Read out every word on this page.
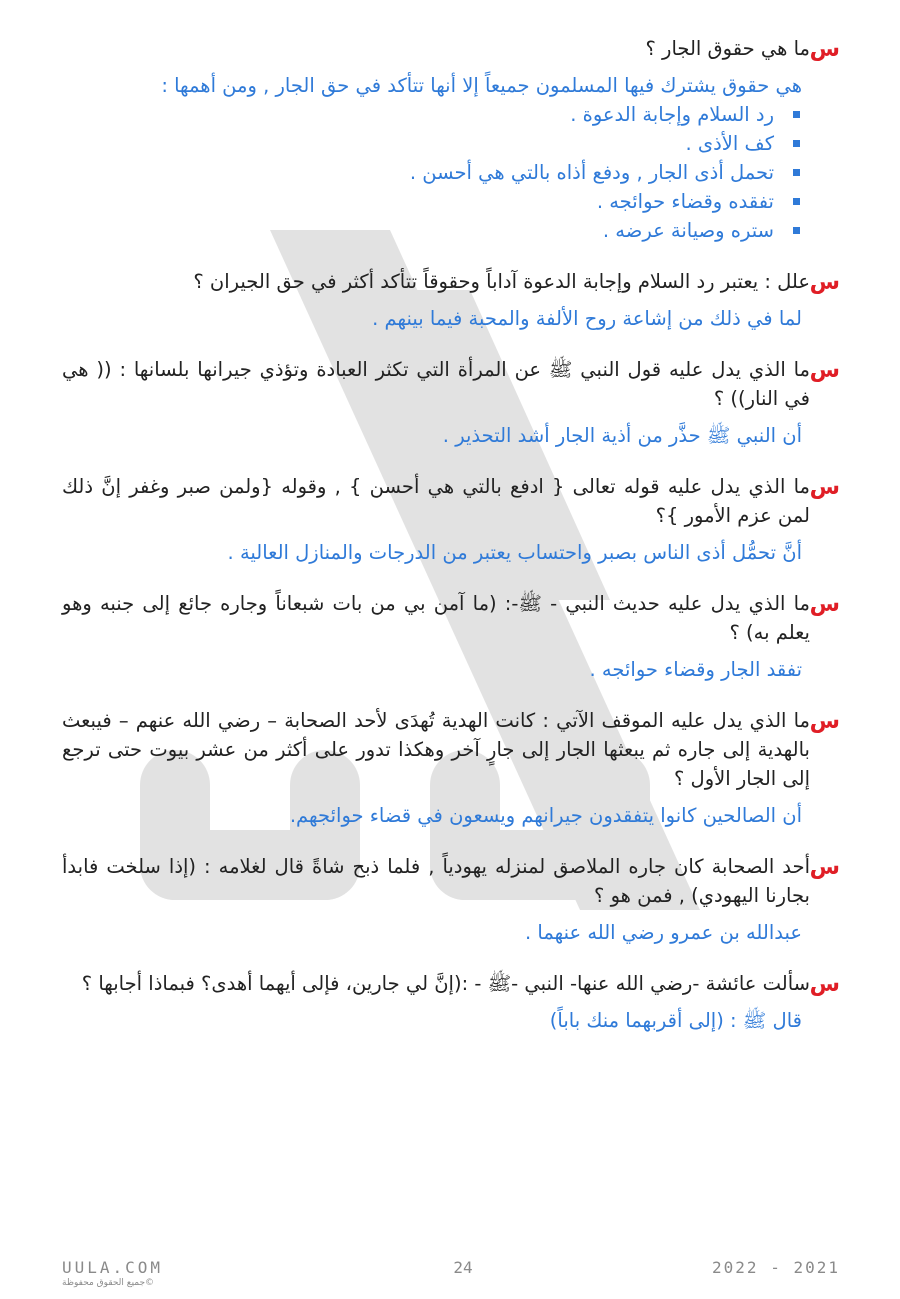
س
ما هي حقوق الجار ؟
هي حقوق يشترك فيها المسلمون جميعاً إلا أنها تتأكد في حق الجار , ومن أهمها :
رد السلام وإجابة الدعوة .
كف الأذى .
تحمل أذى الجار , ودفع أذاه بالتي هي أحسن .
تفقده وقضاء حوائجه .
ستره وصيانة عرضه .
س
علل : يعتبر رد السلام وإجابة الدعوة آداباً وحقوقاً تتأكد أكثر في حق الجيران ؟
لما في ذلك من إشاعة روح الألفة والمحبة فيما بينهم .
س
ما الذي يدل عليه قول النبي ﷺ عن المرأة التي تكثر العبادة وتؤذي جيرانها بلسانها : (( هي في النار)) ؟
أن النبي ﷺ حذَّر من أذية الجار أشد التحذير .
س
ما الذي يدل عليه قوله تعالى { ادفع بالتي هي أحسن } , وقوله {ولمن صبر وغفر إنَّ ذلك لمن عزم الأمور }؟
أنَّ تحمُّل أذى الناس بصبر واحتساب يعتبر من الدرجات والمنازل العالية .
س
ما الذي يدل عليه حديث النبي - ﷺ-: (ما آمن بي من بات شبعاناً وجاره جائع إلى جنبه وهو يعلم به) ؟
تفقد الجار وقضاء حوائجه .
س
ما الذي يدل عليه الموقف الآتي : كانت الهدية تُهدَى لأحد الصحابة – رضي الله عنهم – فيبعث بالهدية إلى جاره ثم يبعثها الجار إلى جارٍ آخر وهكذا تدور على أكثر من عشر بيوت حتى ترجع إلى الجار الأول ؟
أن الصالحين كانوا يتفقدون جيرانهم ويسعون في قضاء حوائجهم.
س
أحد الصحابة كان جاره الملاصق لمنزله يهودياً , فلما ذبح شاةً قال لغلامه : (إذا سلخت فابدأ بجارنا اليهودي) , فمن هو ؟
عبدالله بن عمرو رضي الله عنهما .
س
سألت عائشة -رضي الله عنها- النبي -ﷺ - :(إنَّ لي جارين، فإلى أيهما أهدى؟ فبماذا أجابها ؟
قال ﷺ : (إلى أقربهما منك باباً)
UULA.COM
©جميع الحقوق محفوظة
24	2022 - 2021
